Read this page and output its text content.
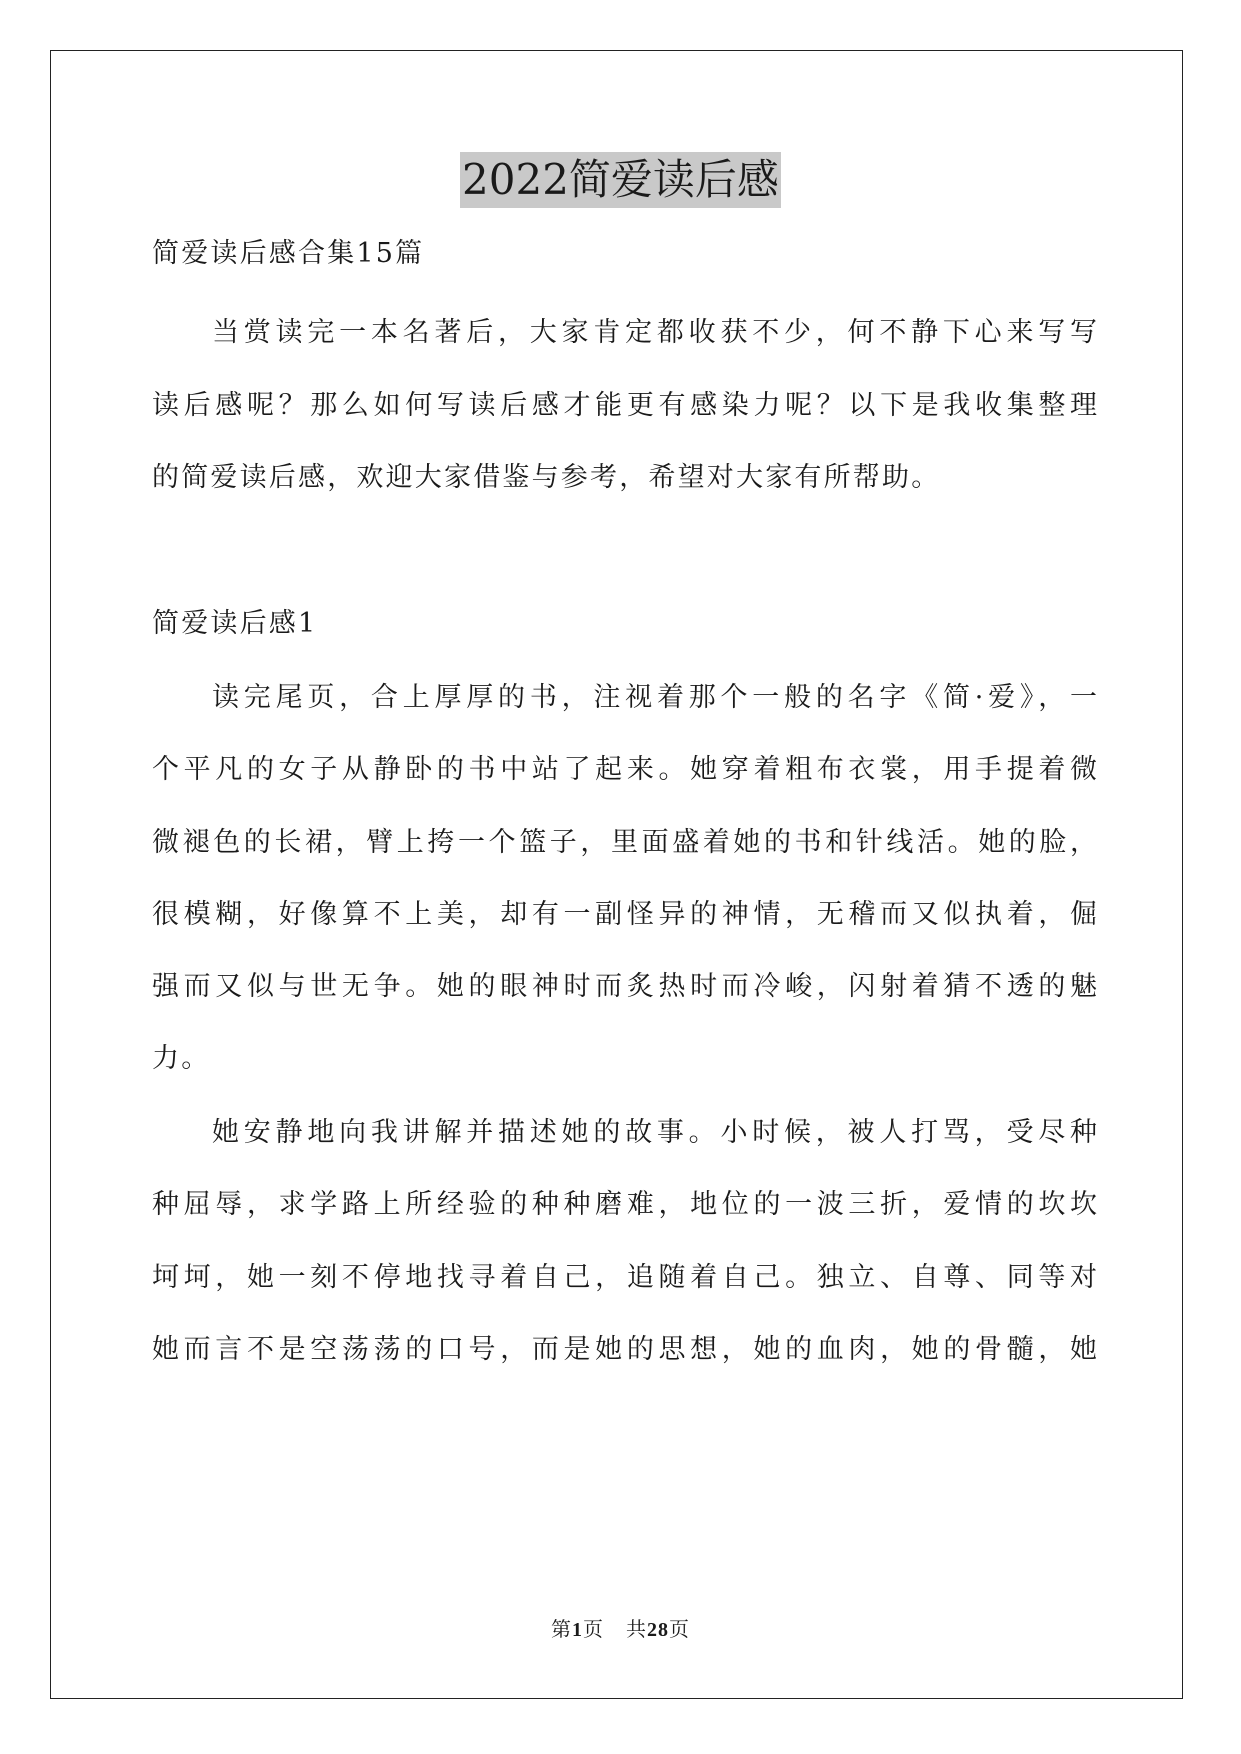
2022简爱读后感
简爱读后感合集15篇
当赏读完一本名著后，大家肯定都收获不少，何不静下心来写写
读后感呢？那么如何写读后感才能更有感染力呢？以下是我收集整理
的简爱读后感，欢迎大家借鉴与参考，希望对大家有所帮助。
简爱读后感1
读完尾页，合上厚厚的书，注视着那个一般的名字《简·爱》，一
个平凡的女子从静卧的书中站了起来。她穿着粗布衣裳，用手提着微
微褪色的长裙，臂上挎一个篮子，里面盛着她的书和针线活。她的脸，
很模糊，好像算不上美，却有一副怪异的神情，无稽而又似执着，倔
强而又似与世无争。她的眼神时而炙热时而冷峻，闪射着猜不透的魅
力。
她安静地向我讲解并描述她的故事。小时候，被人打骂，受尽种
种屈辱，求学路上所经验的种种磨难，地位的一波三折，爱情的坎坎
坷坷，她一刻不停地找寻着自己，追随着自己。独立、自尊、同等对
她而言不是空荡荡的口号，而是她的思想，她的血肉，她的骨髓，她
第1页   共28页
